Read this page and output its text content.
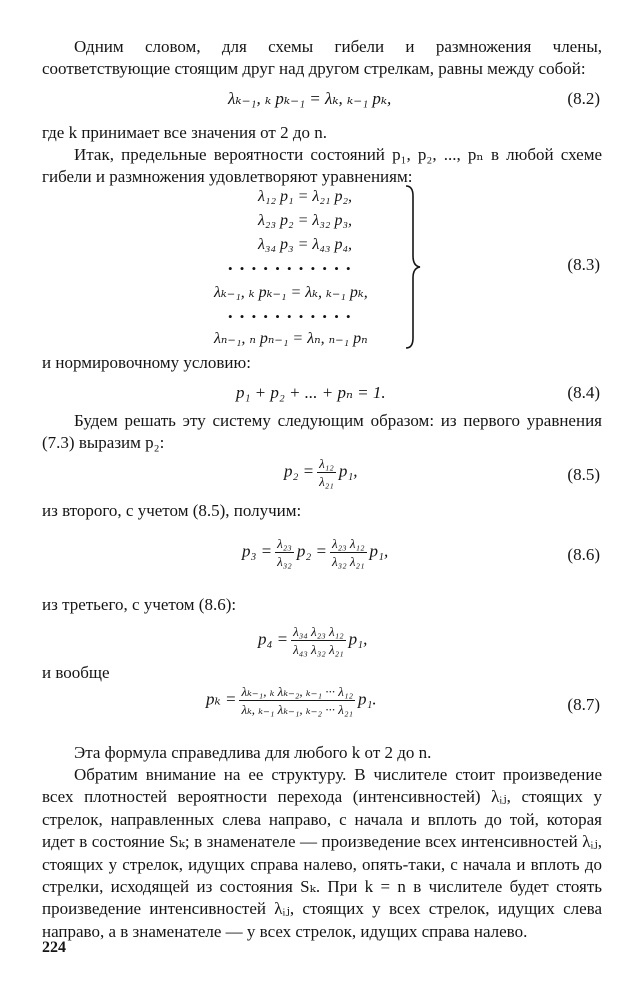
Одним словом, для схемы гибели и размножения члены, соответствующие стоящим друг над другом стрелкам, равны между собой:

λₖ₋₁, ₖ pₖ₋₁ = λₖ, ₖ₋₁ pₖ,	(8.2)

где k принимает все значения от 2 до n.

Итак, предельные вероятности состояний p₁, p₂, ..., pₙ в любой схеме гибели и размножения удовлетворяют уравнениям:

λ₁₂ p₁ = λ₂₁ p₂,
λ₂₃ p₂ = λ₃₂ p₃,
λ₃₄ p₃ = λ₄₃ p₄,
• • • • • • • • • • •
λₖ₋₁, ₖ pₖ₋₁ = λₖ, ₖ₋₁ pₖ,
• • • • • • • • • • •
λₙ₋₁, ₙ pₙ₋₁ = λₙ, ₙ₋₁ pₙ
(8.3)

и нормировочному условию:

p₁ + p₂ + ... + pₙ = 1.	(8.4)

Будем решать эту систему следующим образом: из первого уравнения (7.3) выразим p₂:

$p_2 = \frac{\text{λ₁₂}}{\text{λ₂₁}} p_1$,	(8.5)

из второго, с учетом (8.5), получим:

$p_3 = \frac{\text{λ₂₃}}{\text{λ₃₂}} p_2 = \frac{\text{λ₂₃ λ₁₂}}{\text{λ₃₂ λ₂₁}} p_1$,	(8.6)

из третьего, с учетом (8.6):

$p_4 = \frac{\text{λ₃₄ λ₂₃ λ₁₂}}{\text{λ₄₃ λ₃₂ λ₂₁}} p_1$,

и вообще

$p_k = \frac{\text{λₖ₋₁, ₖ λₖ₋₂, ₖ₋₁ ··· λ₁₂}}{\text{λₖ, ₖ₋₁ λₖ₋₁, ₖ₋₂ ··· λ₂₁}} p_1$.	(8.7)

Эта формула справедлива для любого k от 2 до n.

Обратим внимание на ее структуру. В числителе стоит произведение всех плотностей вероятности перехода (интенсивностей) λᵢⱼ, стоящих у стрелок, направленных слева направо, с начала и вплоть до той, которая идет в состояние Sₖ; в знаменателе — произведение всех интенсивностей λᵢⱼ, стоящих у стрелок, идущих справа налево, опять-таки, с начала и вплоть до стрелки, исходящей из состояния Sₖ. При k = n в числителе будет стоять произведение интенсивностей λᵢⱼ, стоящих у всех стрелок, идущих слева направо, а в знаменателе — у всех стрелок, идущих справа налево.

224
